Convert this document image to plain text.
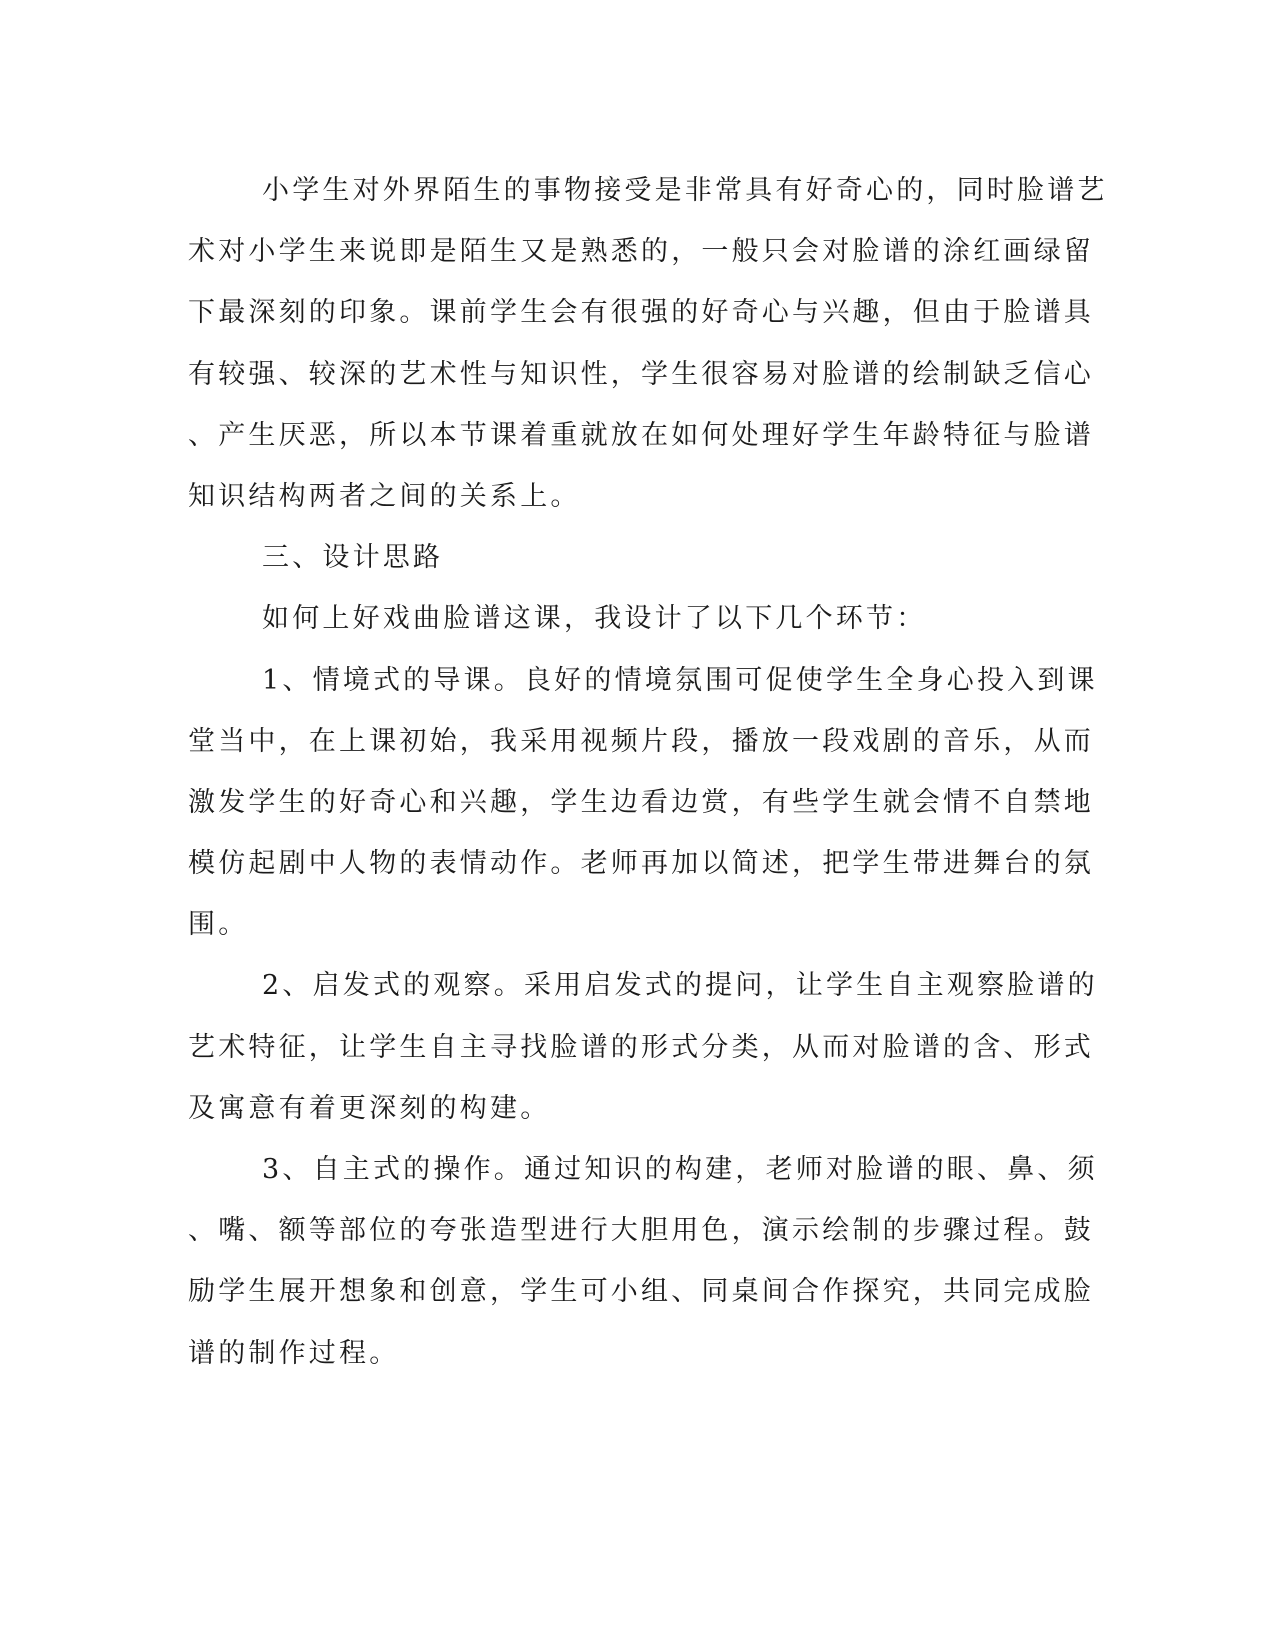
小学生对外界陌生的事物接受是非常具有好奇心的，同时脸谱艺
术对小学生来说即是陌生又是熟悉的，一般只会对脸谱的涂红画绿留
下最深刻的印象。课前学生会有很强的好奇心与兴趣，但由于脸谱具
有较强、较深的艺术性与知识性，学生很容易对脸谱的绘制缺乏信心
、产生厌恶，所以本节课着重就放在如何处理好学生年龄特征与脸谱
知识结构两者之间的关系上。
三、设计思路
如何上好戏曲脸谱这课，我设计了以下几个环节：
1、情境式的导课。良好的情境氛围可促使学生全身心投入到课
堂当中，在上课初始，我采用视频片段，播放一段戏剧的音乐，从而
激发学生的好奇心和兴趣，学生边看边赏，有些学生就会情不自禁地
模仿起剧中人物的表情动作。老师再加以简述，把学生带进舞台的氛
围。
2、启发式的观察。采用启发式的提问，让学生自主观察脸谱的
艺术特征，让学生自主寻找脸谱的形式分类，从而对脸谱的含、形式
及寓意有着更深刻的构建。
3、自主式的操作。通过知识的构建，老师对脸谱的眼、鼻、须
、嘴、额等部位的夸张造型进行大胆用色，演示绘制的步骤过程。鼓
励学生展开想象和创意，学生可小组、同桌间合作探究，共同完成脸
谱的制作过程。
